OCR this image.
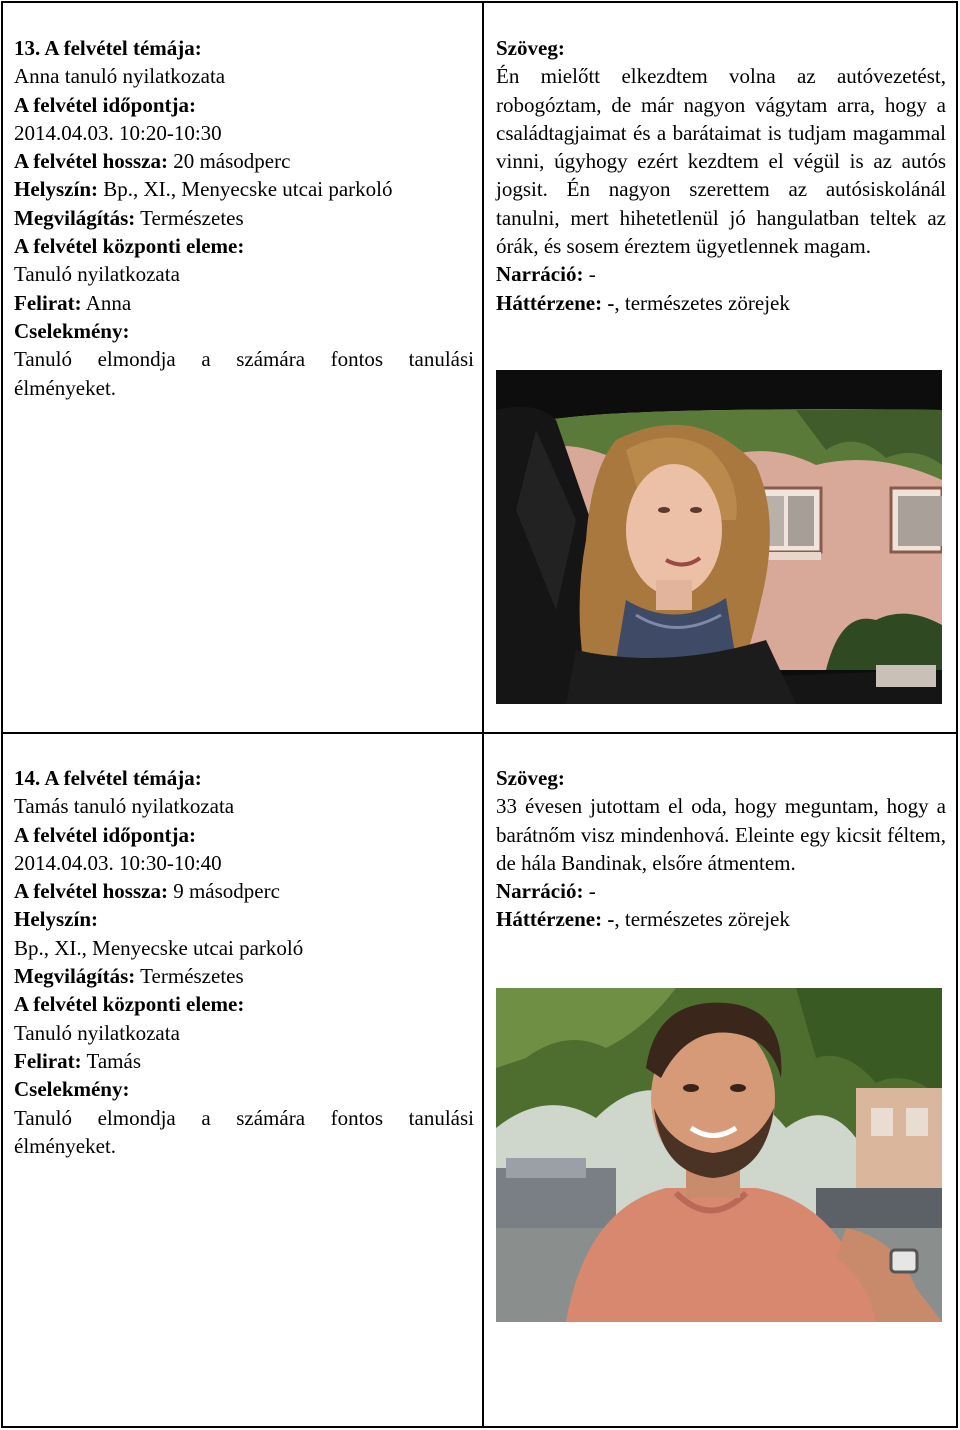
13. A felvétel témája:

Anna tanuló nyilatkozata

A felvétel időpontja:

2014.04.03. 10:20-10:30

A felvétel hossza: 20 másodperc

Helyszín: Bp., XI., Menyecske utcai parkoló

Megvilágítás: Természetes

A felvétel központi eleme:

Tanuló nyilatkozata

Felirat: Anna

Cselekmény:

Tanuló elmondja a számára fontos tanulási élményeket.

Szöveg:

Én mielőtt elkezdtem volna az autóvezetést, robogóztam, de már nagyon vágytam arra, hogy a családtagjaimat és a barátaimat is tudjam magammal vinni, úgyhogy ezért kezdtem el végül is az autós jogsit. Én nagyon szerettem az autósiskolánál tanulni, mert hihetetlenül jó hangulatban teltek az órák, és sosem éreztem ügyetlennek magam.

Narráció: -

Háttérzene: -, természetes zörejek

14. A felvétel témája:

Tamás tanuló nyilatkozata

A felvétel időpontja:

2014.04.03. 10:30-10:40

A felvétel hossza: 9 másodperc

Helyszín:

Bp., XI., Menyecske utcai parkoló

Megvilágítás: Természetes

A felvétel központi eleme:

Tanuló nyilatkozata

Felirat: Tamás

Cselekmény:

Tanuló elmondja a számára fontos tanulási élményeket.

Szöveg:

33 évesen jutottam el oda, hogy meguntam, hogy a barátnőm visz mindenhová. Eleinte egy kicsit féltem, de hála Bandinak, elsőre átmentem.

Narráció: -

Háttérzene: -, természetes zörejek
